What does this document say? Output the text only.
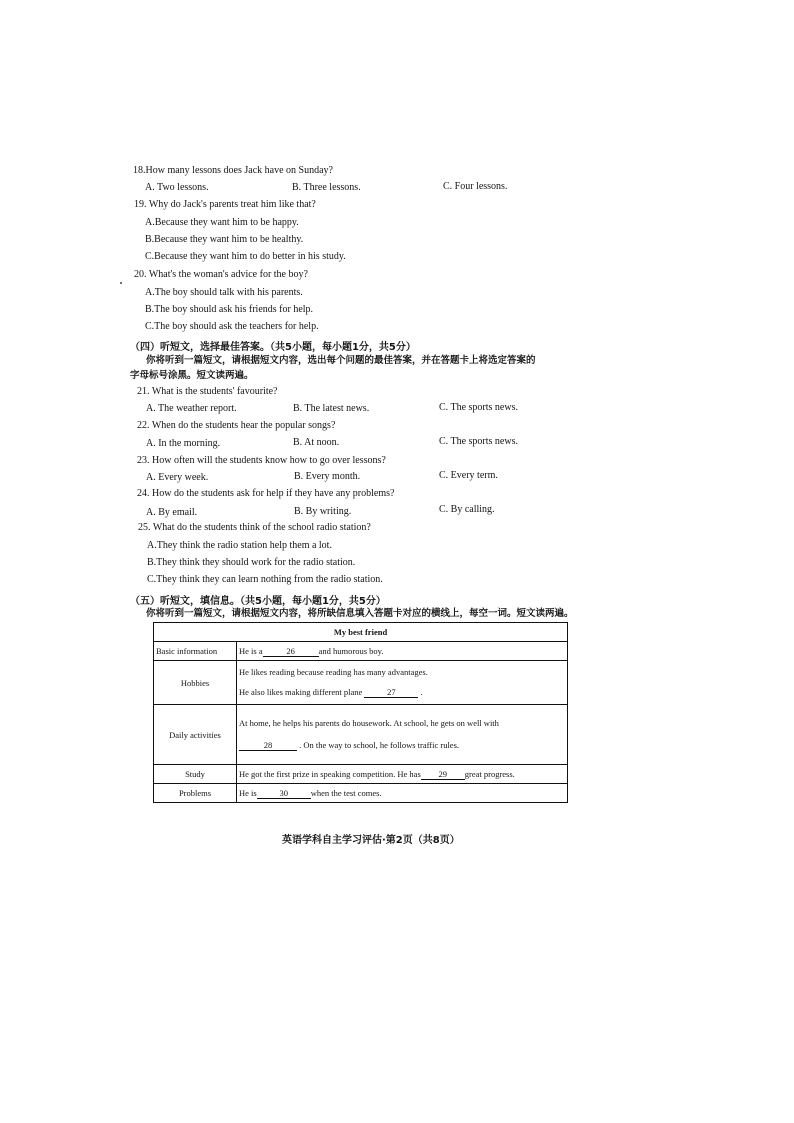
18.How many lessons does Jack have on Sunday?
A. Two lessons.	B. Three lessons.	C. Four lessons.
19. Why do Jack's parents treat him like that?
A.Because they want him to be happy.
B.Because they want him to be healthy.
C.Because they want him to do better in his study.
20. What's the woman's advice for the boy?
A.The boy should talk with his parents.
B.The boy should ask his friends for help.
C.The boy should ask the teachers for help.
（四）听短文，选择最佳答案。（共5小题，每小题1分，共5分）
你将听到一篇短文，请根据短文内容，选出每个问题的最佳答案，并在答题卡上将选定答案的
字母标号涂黑。短文读两遍。
21. What is the students' favourite?
A. The weather report.	B. The latest news.	C. The sports news.
22. When do the students hear the popular songs?
A. In the morning.	B. At noon.	C. The sports news.
23. How often will the students know how to go over lessons?
A. Every week.	B. Every month.	C. Every term.
24. How do the students ask for help if they have any problems?
A. By email.	B. By writing.	C. By calling.
25. What do the students think of the school radio station?
A.They think the radio station help them a lot.
B.They think they should work for the radio station.
C.They think they can learn nothing from the radio station.
（五）听短文，填信息。（共5小题，每小题1分，共5分）
你将听到一篇短文，请根据短文内容，将所缺信息填入答题卡对应的横线上，每空一词。短文读两遍。
My best friend	
Basic information	He is a 26 and humorous boy.
Hobbies	He likes reading because reading has many advantages.
He also likes making different plane 27 .

Daily activities	At home, he helps his parents do housework. At school, he gets on well with
28 . On the way to school, he follows traffic rules.

Study	He got the first prize in speaking competition. He has 29 great progress.
Problems	He is 30 when the test comes.
英语学科自主学习评估·第2页（共8页）
